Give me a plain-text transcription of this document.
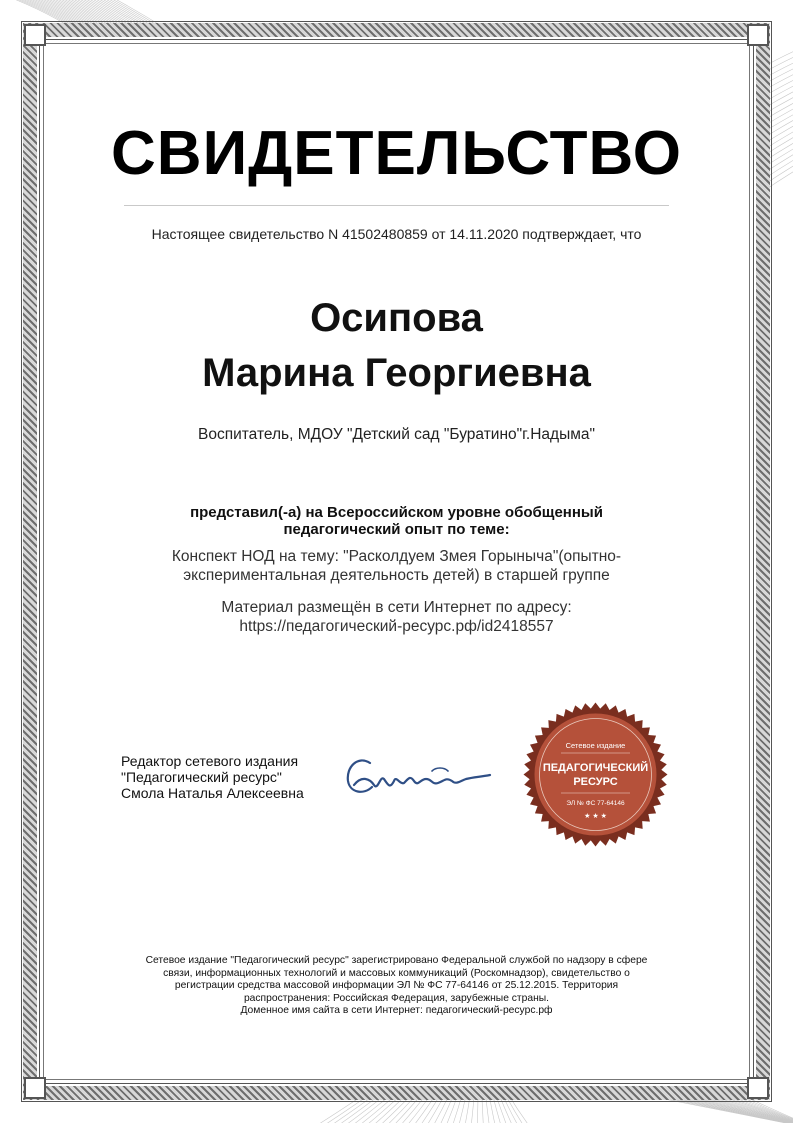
СВИДЕТЕЛЬСТВО
Настоящее свидетельство N 41502480859 от 14.11.2020 подтверждает, что
Осипова
Марина Георгиевна
Воспитатель, МДОУ "Детский сад "Буратино"г.Надыма"
представил(-а) на Всероссийском уровне обобщенный
педагогический опыт по теме:
Конспект НОД на тему: "Расколдуем Змея Горыныча"(опытно-
экспериментальная деятельность детей) в старшей группе
Материал размещён в сети Интернет по адресу:
https://педагогический-ресурс.рф/id2418557
Редактор сетевого издания
"Педагогический ресурс"
Смола Наталья Алексеевна
Сетевое издание
ПЕДАГОГИЧЕСКИЙ
РЕСУРС
ЭЛ № ФС 77-64146
★ ★ ★
Сетевое издание "Педагогический ресурс" зарегистрировано Федеральной службой по надзору в сфере
связи, информационных технологий и массовых коммуникаций (Роскомнадзор), свидетельство о
регистрации средства массовой информации ЭЛ № ФС 77-64146 от 25.12.2015. Территория
распространения: Российская Федерация, зарубежные страны.
Доменное имя сайта в сети Интернет: педагогический-ресурс.рф
